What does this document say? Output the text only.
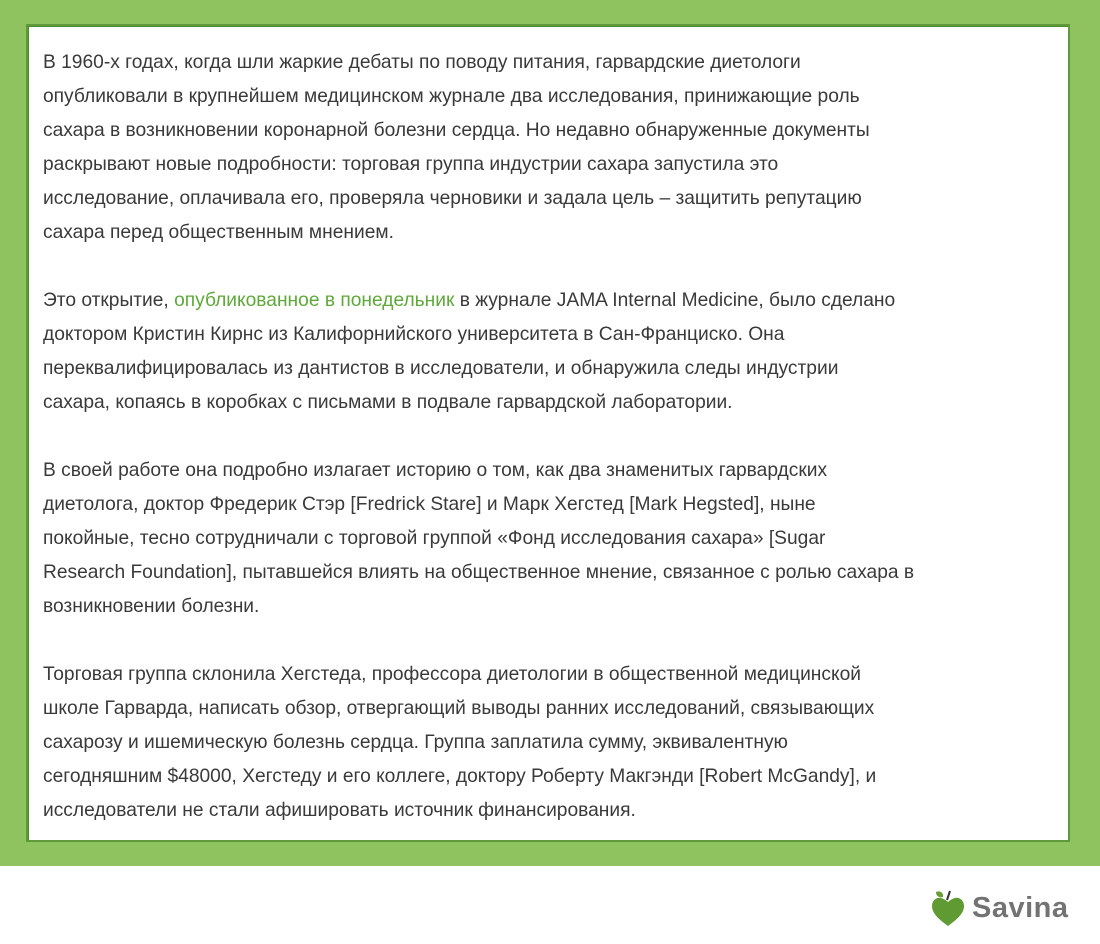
В 1960-х годах, когда шли жаркие дебаты по поводу питания, гарвардские диетологи
опубликовали в крупнейшем медицинском журнале два исследования, принижающие роль
сахара в возникновении коронарной болезни сердца. Но недавно обнаруженные документы
раскрывают новые подробности: торговая группа индустрии сахара запустила это
исследование, оплачивала его, проверяла черновики и задала цель – защитить репутацию
сахара перед общественным мнением.
Это открытие, опубликованное в понедельник в журнале JAMA Internal Medicine, было сделано
доктором Кристин Кирнс из Калифорнийского университета в Сан-Франциско. Она
переквалифицировалась из дантистов в исследователи, и обнаружила следы индустрии
сахара, копаясь в коробках с письмами в подвале гарвардской лаборатории.
В своей работе она подробно излагает историю о том, как два знаменитых гарвардских
диетолога, доктор Фредерик Стэр [Fredrick Stare] и Марк Хегстед [Mark Hegsted], ныне
покойные, тесно сотрудничали с торговой группой «Фонд исследования сахара» [Sugar
Research Foundation], пытавшейся влиять на общественное мнение, связанное с ролью сахара в
возникновении болезни.
Торговая группа склонила Хегстеда, профессора диетологии в общественной медицинской
школе Гарварда, написать обзор, отвергающий выводы ранних исследований, связывающих
сахарозу и ишемическую болезнь сердца. Группа заплатила сумму, эквивалентную
сегодняшним $48000, Хегстеду и его коллеге, доктору Роберту Макгэнди [Robert McGandy], и
исследователи не стали афишировать источник финансирования.
Savina
